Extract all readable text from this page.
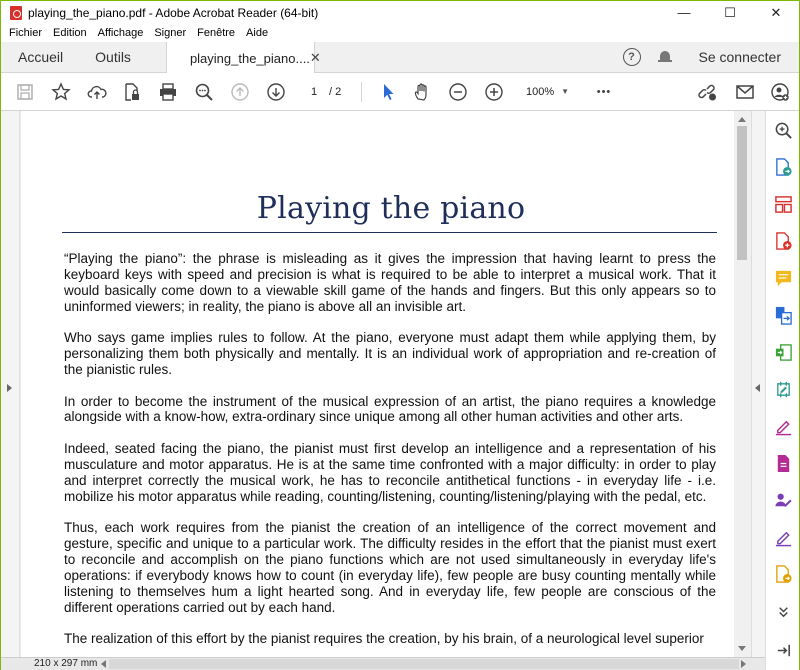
playing_the_piano.pdf - Adobe Acrobat Reader (64-bit)	—	☐	✕
Fichier Edition Affichage Signer Fenêtre Aide
Accueil	Outils	playing_the_piano.... ✕	?	Se connecter
1	/ 2	100% ▼	•••
Playing the piano

“Playing the piano”: the phrase is misleading as it gives the impression that having learnt to press the keyboard keys with speed and precision is what is required to be able to interpret a musical work. That it would basically come down to a viewable skill game of the hands and fingers. But this only appears so to uninformed viewers; in reality, the piano is above all an invisible art.

Who says game implies rules to follow. At the piano, everyone must adapt them while applying them, by personalizing them both physically and mentally. It is an individual work of appropriation and re-creation of the pianistic rules.

In order to become the instrument of the musical expression of an artist, the piano requires a knowledge alongside with a know-how, extra-ordinary since unique among all other human activities and other arts.

Indeed, seated facing the piano, the pianist must first develop an intelligence and a representation of his musculature and motor apparatus. He is at the same time confronted with a major difficulty: in order to play and interpret correctly the musical work, he has to reconcile antithetical functions - in everyday life - i.e. mobilize his motor apparatus while reading, counting/listening, counting/listening/playing with the pedal, etc.

Thus, each work requires from the pianist the creation of an intelligence of the correct movement and gesture, specific and unique to a particular work. The difficulty resides in the effort that the pianist must exert to reconcile and accomplish on the piano functions which are not used simultaneously in everyday life's operations: if everybody knows how to count (in everyday life), few people are busy counting mentally while listening to themselves hum a light hearted song. And in everyday life, few people are conscious of the different operations carried out by each hand.

The realization of this effort by the pianist requires the creation, by his brain, of a neurological level superior

210 x 297 mm
